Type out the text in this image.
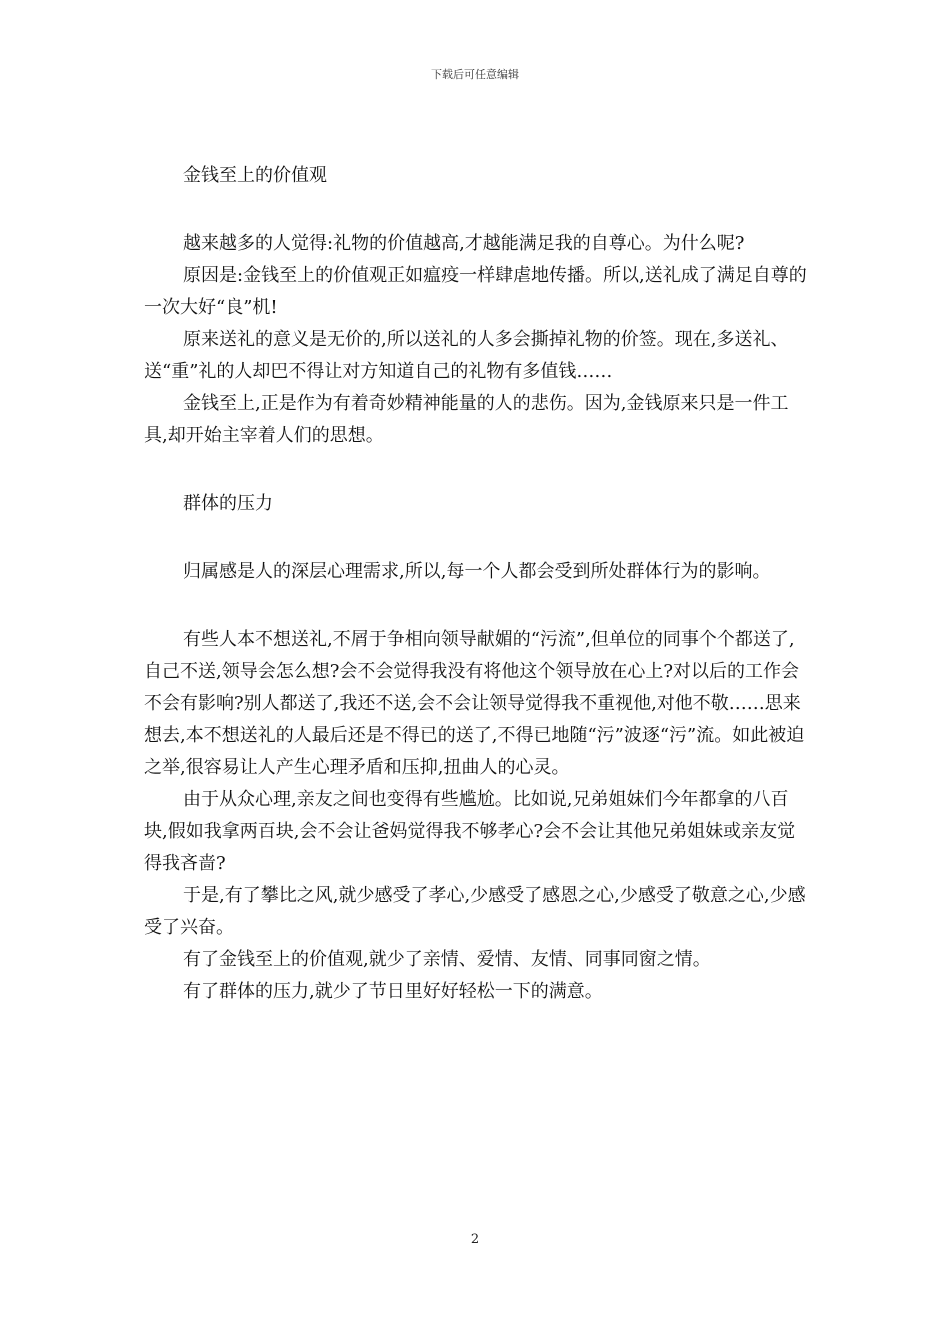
下载后可任意编辑

金钱至上的价值观

越来越多的人觉得:礼物的价值越高,才越能满足我的自尊心。为什么呢?

原因是:金钱至上的价值观正如瘟疫一样肆虐地传播。所以,送礼成了满足自尊的一次大好“良”机!

原来送礼的意义是无价的,所以送礼的人多会撕掉礼物的价签。现在,多送礼、送“重”礼的人却巴不得让对方知道自己的礼物有多值钱……

金钱至上,正是作为有着奇妙精神能量的人的悲伤。因为,金钱原来只是一件工具,却开始主宰着人们的思想。

群体的压力

归属感是人的深层心理需求,所以,每一个人都会受到所处群体行为的影响。

有些人本不想送礼,不屑于争相向领导献媚的“污流”,但单位的同事个个都送了,自己不送,领导会怎么想?会不会觉得我没有将他这个领导放在心上?对以后的工作会不会有影响?别人都送了,我还不送,会不会让领导觉得我不重视他,对他不敬……思来想去,本不想送礼的人最后还是不得已的送了,不得已地随“污”波逐“污”流。如此被迫之举,很容易让人产生心理矛盾和压抑,扭曲人的心灵。

由于从众心理,亲友之间也变得有些尴尬。比如说,兄弟姐妹们今年都拿的八百块,假如我拿两百块,会不会让爸妈觉得我不够孝心?会不会让其他兄弟姐妹或亲友觉得我吝啬?

于是,有了攀比之风,就少感受了孝心,少感受了感恩之心,少感受了敬意之心,少感受了兴奋。

有了金钱至上的价值观,就少了亲情、爱情、友情、同事同窗之情。

有了群体的压力,就少了节日里好好轻松一下的满意。

2
